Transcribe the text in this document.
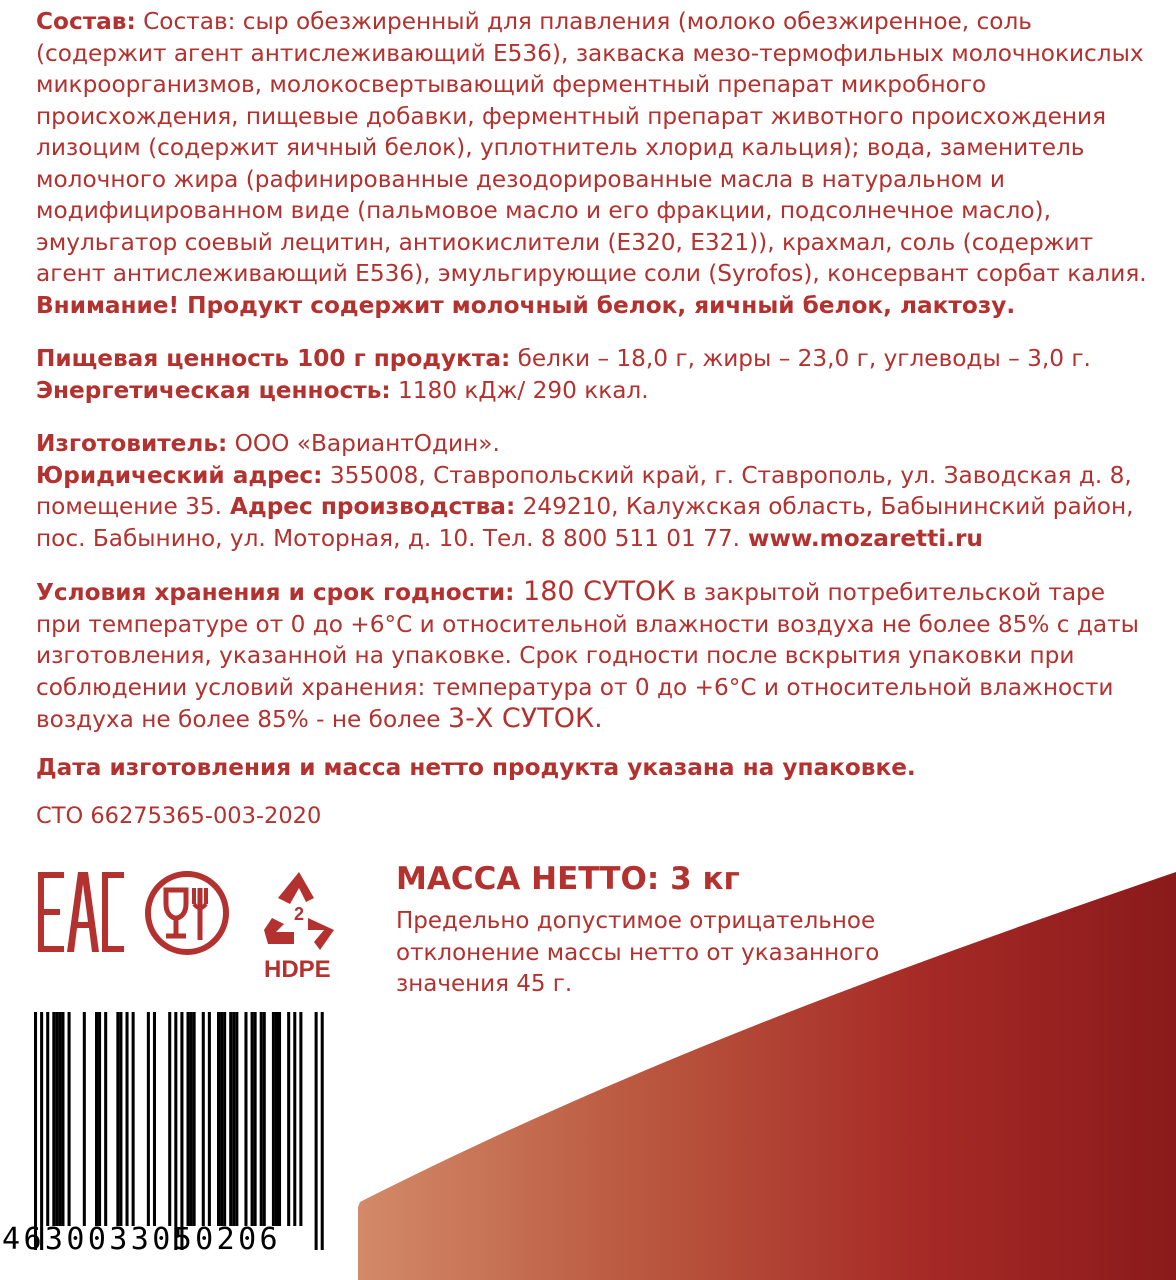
Состав: Состав: сыр обезжиренный для плавления (молоко обезжиренное, соль (содержит агент антислеживающий Е536), закваска мезо-термофильных молочнокислых микроорганизмов, молокосвертывающий ферментный препарат микробного происхождения, пищевые добавки, ферментный препарат животного происхождения лизоцим (содержит яичный белок), уплотнитель хлорид кальция); вода, заменитель молочного жира (рафинированные дезодорированные масла в натуральном и модифицированном виде (пальмовое масло и его фракции, подсолнечное масло), эмульгатор соевый лецитин, антиокислители (Е320, Е321)), крахмал, соль (содержит агент антислеживающий Е536), эмульгирующие соли (Syrofos), консервант сорбат калия.
Внимание! Продукт содержит молочный белок, яичный белок, лактозу.

Пищевая ценность 100 г продукта: белки – 18,0 г, жиры – 23,0 г, углеводы – 3,0 г.
Энергетическая ценность: 1180 кДж/ 290 ккал.

Изготовитель: ООО «ВариантОдин».
Юридический адрес: 355008, Ставропольский край, г. Ставрополь, ул. Заводская д. 8, помещение 35. Адрес производства: 249210, Калужская область, Бабынинский район, пос. Бабынино, ул. Моторная, д. 10. Тел. 8 800 511 01 77. www.mozaretti.ru

Условия хранения и срок годности: 180 СУТОК в закрытой потребительской таре при температуре от 0 до +6°С и относительной влажности воздуха не более 85% с даты изготовления, указанной на упаковке. Срок годности после вскрытия упаковки при соблюдении условий хранения: температура от 0 до +6°С и относительной влажности воздуха не более 85% - не более 3-Х СУТОК.

Дата изготовления и масса нетто продукта указана на упаковке.

СТО 66275365-003-2020

2
HDPE

МАССА НЕТТО: 3 кг

Предельно допустимое отрицательное отклонение массы нетто от указанного значения 45 г.

4630033050206
